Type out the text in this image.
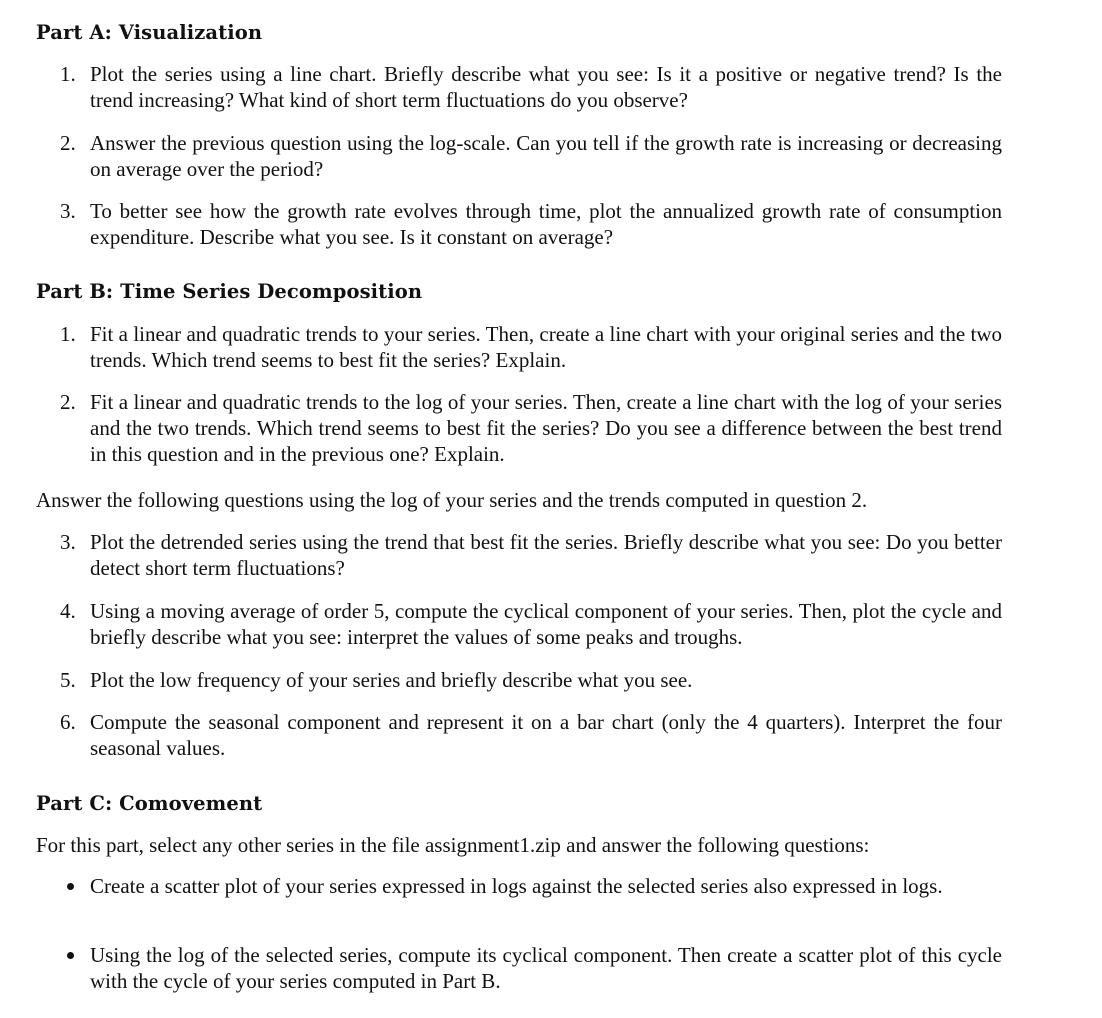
Part A: Visualization
1. Plot the series using a line chart. Briefly describe what you see: Is it a positive or negative trend? Is the trend increasing? What kind of short term fluctuations do you observe?
2. Answer the previous question using the log-scale. Can you tell if the growth rate is increasing or decreasing on average over the period?
3. To better see how the growth rate evolves through time, plot the annualized growth rate of consumption expenditure. Describe what you see. Is it constant on average?
Part B: Time Series Decomposition
1. Fit a linear and quadratic trends to your series. Then, create a line chart with your original series and the two trends. Which trend seems to best fit the series? Explain.
2. Fit a linear and quadratic trends to the log of your series. Then, create a line chart with the log of your series and the two trends. Which trend seems to best fit the series? Do you see a difference between the best trend in this question and in the previous one? Explain.
Answer the following questions using the log of your series and the trends computed in question 2.
3. Plot the detrended series using the trend that best fit the series. Briefly describe what you see: Do you better detect short term fluctuations?
4. Using a moving average of order 5, compute the cyclical component of your series. Then, plot the cycle and briefly describe what you see: interpret the values of some peaks and troughs.
5. Plot the low frequency of your series and briefly describe what you see.
6. Compute the seasonal component and represent it on a bar chart (only the 4 quarters). Interpret the four seasonal values.
Part C: Comovement
For this part, select any other series in the file assignment1.zip and answer the following questions:
Create a scatter plot of your series expressed in logs against the selected series also expressed in logs.
Using the log of the selected series, compute its cyclical component. Then create a scatter plot of this cycle with the cycle of your series computed in Part B.
